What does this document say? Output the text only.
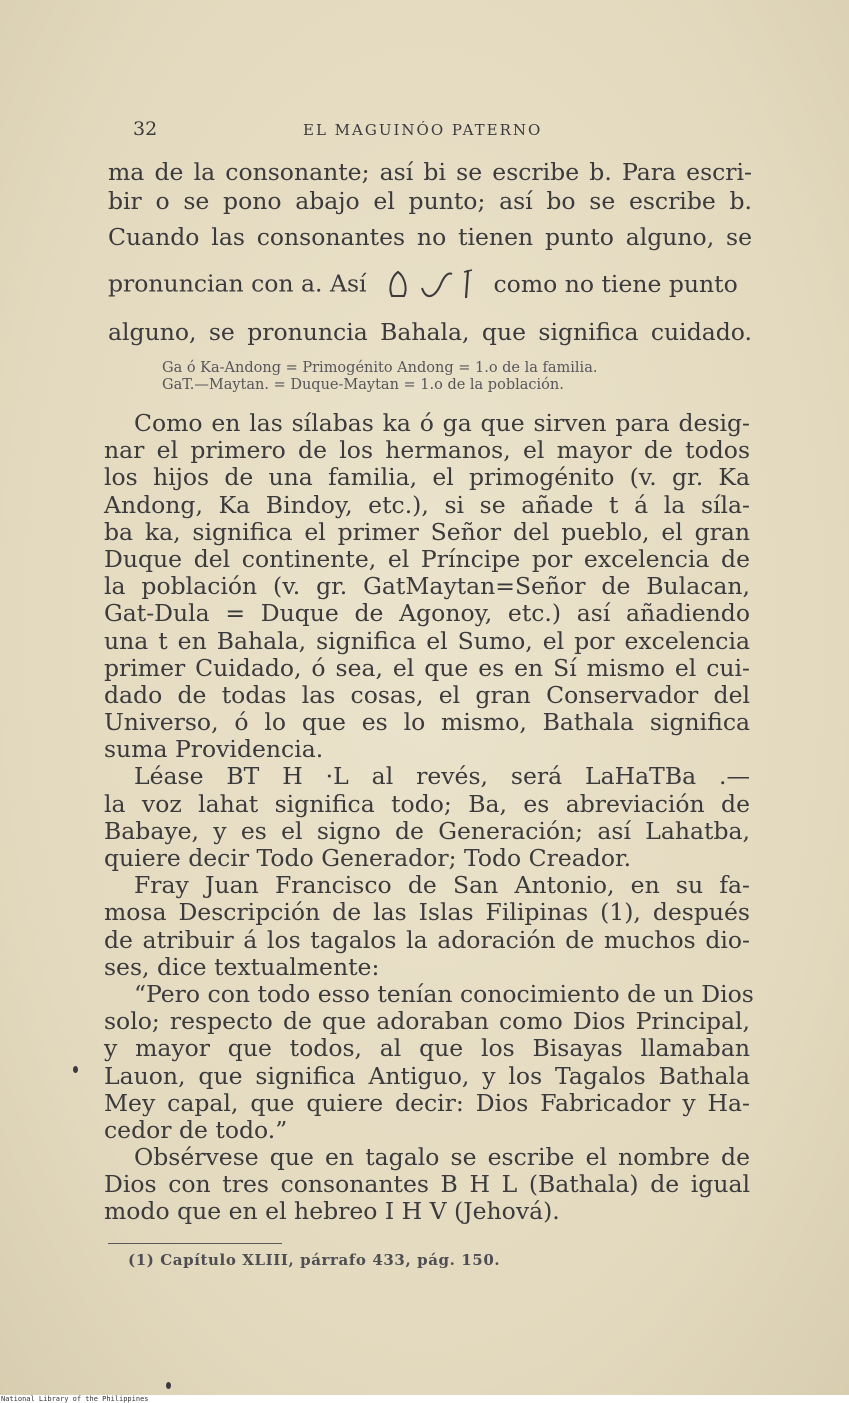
32	EL MAGUINÓO PATERNO
ma de la consonante; así bi se escribe b. Para escri-
bir o se pono abajo el punto; así bo se escribe b.
Cuando las consonantes no tienen punto alguno, se
pronuncian con a. Así	como no tiene punto
alguno, se pronuncia Bahala, que significa cuidado.
Ga ó Ka-Andong = Primogénito Andong = 1.o de la familia.
GaT.—Maytan. = Duque-Maytan = 1.o de la población.
Como en las sílabas ka ó ga que sirven para desig-
nar el primero de los hermanos, el mayor de todos
los hijos de una familia, el primogénito (v. gr. Ka
Andong, Ka Bindoy, etc.), si se añade t á la síla-
ba ka, significa el primer Señor del pueblo, el gran
Duque del continente, el Príncipe por excelencia de
la población (v. gr. GatMaytan=Señor de Bulacan,
Gat-Dula = Duque de Agonoy, etc.) así añadiendo
una t en Bahala, significa el Sumo, el por excelencia
primer Cuidado, ó sea, el que es en Sí mismo el cui-
dado de todas las cosas, el gran Conservador del
Universo, ó lo que es lo mismo, Bathala significa
suma Providencia.
Léase BT H ·L al revés, será LaHaTBa .—
la voz lahat significa todo; Ba, es abreviación de
Babaye, y es el signo de Generación; así Lahatba,
quiere decir Todo Generador; Todo Creador.
Fray Juan Francisco de San Antonio, en su fa-
mosa Descripción de las Islas Filipinas (1), después
de atribuir á los tagalos la adoración de muchos dio-
ses, dice textualmente:
“Pero con todo esso tenían conocimiento de un Dios
solo; respecto de que adoraban como Dios Principal,
y mayor que todos, al que los Bisayas llamaban
Lauon, que significa Antiguo, y los Tagalos Bathala
Mey capal, que quiere decir: Dios Fabricador y Ha-
cedor de todo.”
Obsérvese que en tagalo se escribe el nombre de
Dios con tres consonantes B H L (Bathala) de igual
modo que en el hebreo I H V (Jehová).
(1) Capítulo XLIII, párrafo 433, pág. 150.
National Library of the Philippines
